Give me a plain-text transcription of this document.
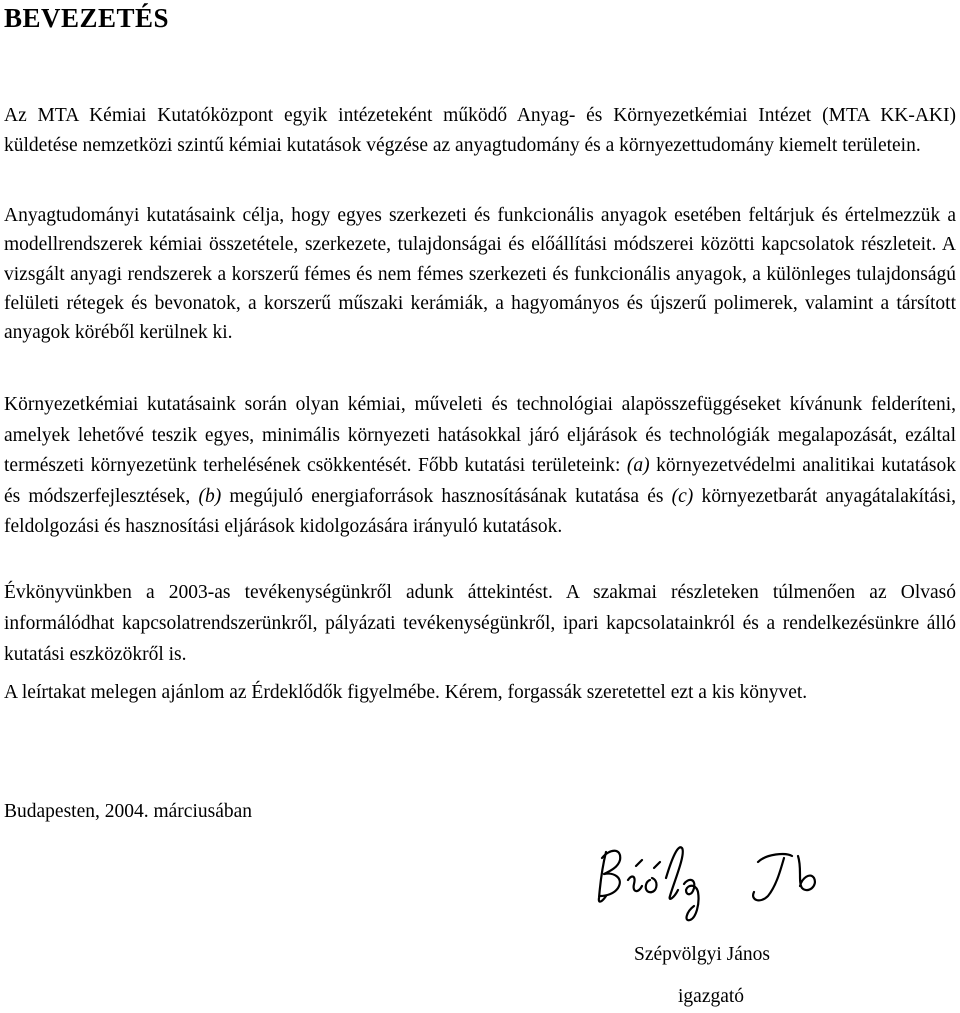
BEVEZETÉS

Az MTA Kémiai Kutatóközpont egyik intézeteként működő Anyag- és Környezetkémiai Intézet (MTA KK-AKI) küldetése nemzetközi szintű kémiai kutatások végzése az anyagtudomány és a környezettudomány kiemelt területein.

Anyagtudományi kutatásaink célja, hogy egyes szerkezeti és funkcionális anyagok esetében feltárjuk és értelmezzük a modellrendszerek kémiai összetétele, szerkezete, tulajdonságai és előállítási módszerei közötti kapcsolatok részleteit. A vizsgált anyagi rendszerek a korszerű fémes és nem fémes szerkezeti és funkcionális anyagok, a különleges tulajdonságú felületi rétegek és bevonatok, a korszerű műszaki kerámiák, a hagyományos és újszerű polimerek, valamint a társított anyagok köréből kerülnek ki.

Környezetkémiai kutatásaink során olyan kémiai, műveleti és technológiai alapösszefüggéseket kívánunk felderíteni, amelyek lehetővé teszik egyes, minimális környezeti hatásokkal járó eljárások és technológiák megalapozását, ezáltal természeti környezetünk terhelésének csökkentését. Főbb kutatási területeink: (a) környezetvédelmi analitikai kutatások és módszerfejlesztések, (b) megújuló energiaforrások hasznosításának kutatása és (c) környezetbarát anyagátalakítási, feldolgozási és hasznosítási eljárások kidolgozására irányuló kutatások.

Évkönyvünkben a 2003-as tevékenységünkről adunk áttekintést. A szakmai részleteken túlmenően az Olvasó informálódhat kapcsolatrendszerünkről, pályázati tevékenységünkről, ipari kapcsolatainkról és a rendelkezésünkre álló kutatási eszközökről is.

A leírtakat melegen ajánlom az Érdeklődők figyelmébe. Kérem, forgassák szeretettel ezt a kis könyvet.

Budapesten, 2004. márciusában

Szépvölgyi János

igazgató
